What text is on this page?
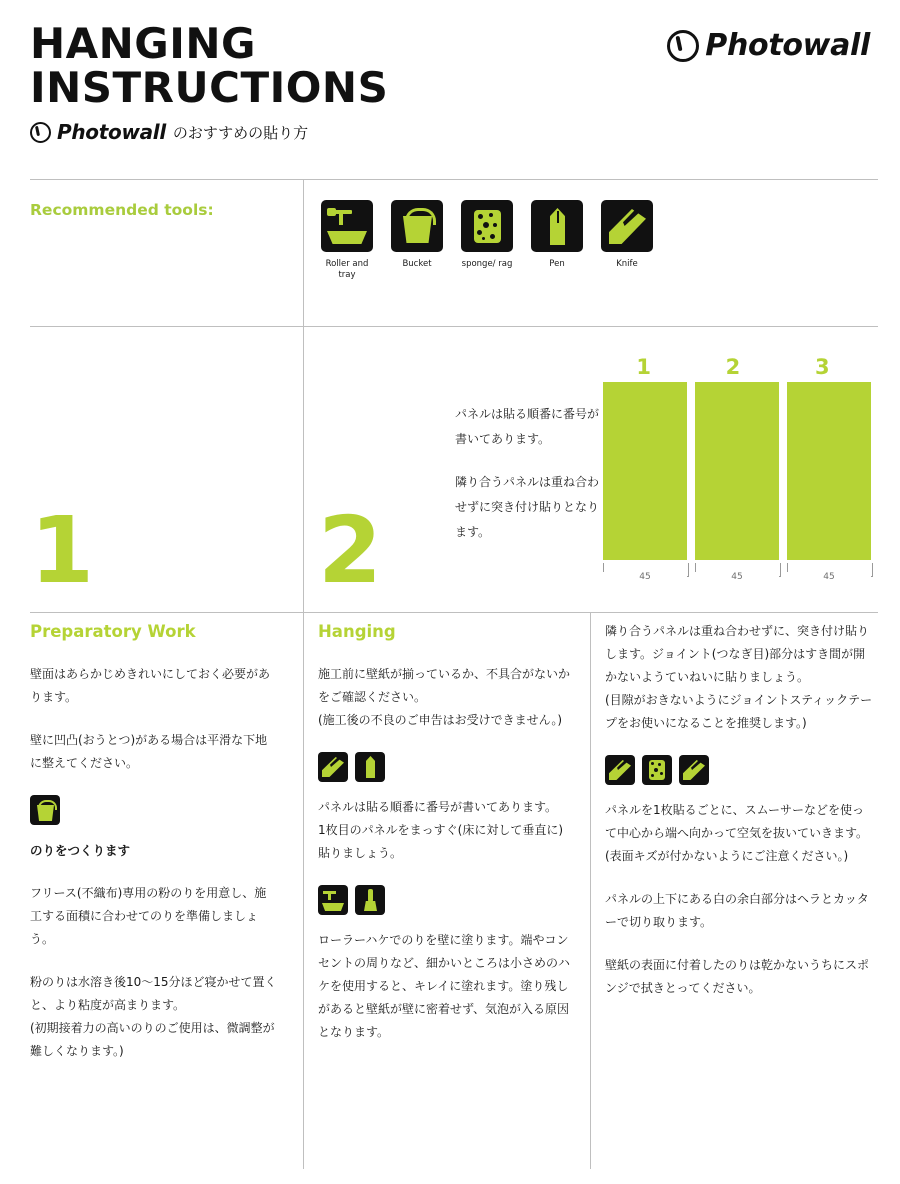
HANGING
INSTRUCTIONS
Photowall のおすすめの貼り方
Photowall
Recommended tools:
Roller and tray
Bucket	sponge/ rag	Pen	Knife
1 2

パネルは貼る順番に番号が書いてあります。

隣り合うパネルは重ね合わせずに突き付け貼りとなります。

1	2	3
45	45	45

Preparatory Work

壁面はあらかじめきれいにしておく必要があります。

壁に凹凸(おうとつ)がある場合は平滑な下地に整えてください。

のりをつくります

フリース(不織布)専用の粉のりを用意し、施工する面積に合わせてのりを準備しましょう。

粉のりは水溶き後10〜15分ほど寝かせて置くと、より粘度が高まります。

(初期接着力の高いのりのご使用は、微調整が難しくなります。)

Hanging

施工前に壁紙が揃っているか、不具合がないかをご確認ください。

(施工後の不良のご申告はお受けできません。)

パネルは貼る順番に番号が書いてあります。

1枚目のパネルをまっすぐ(床に対して垂直に)貼りましょう。

ローラーハケでのりを壁に塗ります。端やコンセントの周りなど、細かいところは小さめのハケを使用すると、キレイに塗れます。塗り残しがあると壁紙が壁に密着せず、気泡が入る原因となります。

隣り合うパネルは重ね合わせずに、突き付け貼りします。ジョイント(つなぎ目)部分はすき間が開かないようていねいに貼りましょう。

(目隙がおきないようにジョイントスティックテープをお使いになることを推奨します。)

パネルを1枚貼るごとに、スムーサーなどを使って中心から端へ向かって空気を抜いていきます。

(表面キズが付かないようにご注意ください。)

パネルの上下にある白の余白部分はヘラとカッターで切り取ります。

壁紙の表面に付着したのりは乾かないうちにスポンジで拭きとってください。
